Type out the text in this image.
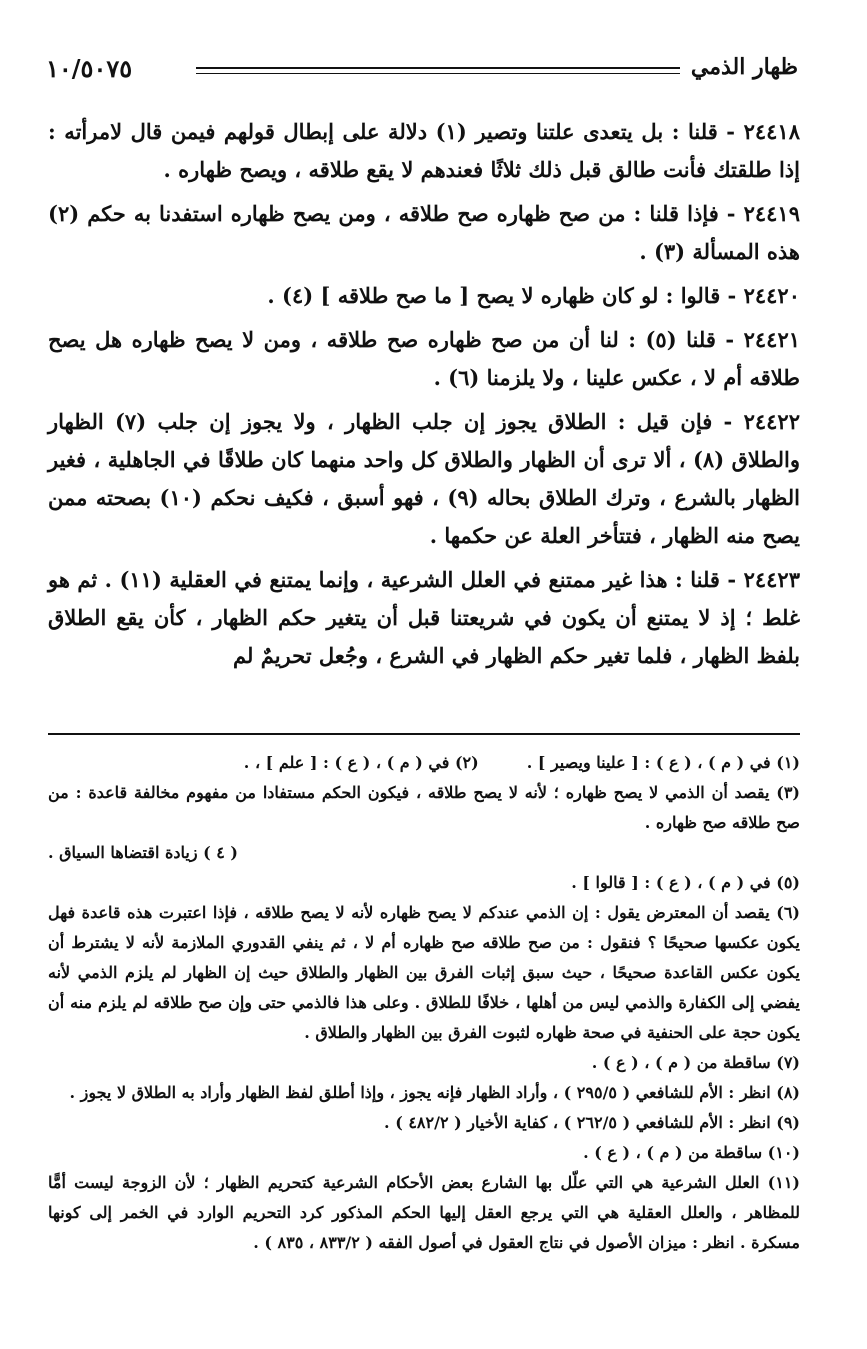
ظهار الذمي
١٠/٥٠٧٥

٢٤٤١٨ - قلنا : بل يتعدى علتنا وتصير (١) دلالة على إبطال قولهم فيمن قال لامرأته : إذا طلقتك فأنت طالق قبل ذلك ثلاثًا فعندهم لا يقع طلاقه ، ويصح ظهاره .

٢٤٤١٩ - فإذا قلنا : من صح ظهاره صح طلاقه ، ومن يصح ظهاره استفدنا به حكم (٢) هذه المسألة (٣) .

٢٤٤٢٠ - قالوا : لو كان ظهاره لا يصح [ ما صح طلاقه ] (٤) .

٢٤٤٢١ - قلنا (٥) : لنا أن من صح ظهاره صح طلاقه ، ومن لا يصح ظهاره هل يصح طلاقه أم لا ، عكس علينا ، ولا يلزمنا (٦) .

٢٤٤٢٢ - فإن قيل : الطلاق يجوز إن جلب الظهار ، ولا يجوز إن جلب (٧) الظهار والطلاق (٨) ، ألا ترى أن الظهار والطلاق كل واحد منهما كان طلاقًا في الجاهلية ، فغير الظهار بالشرع ، وترك الطلاق بحاله (٩) ، فهو أسبق ، فكيف نحكم (١٠) بصحته ممن يصح منه الظهار ، فتتأخر العلة عن حكمها .

٢٤٤٢٣ - قلنا : هذا غير ممتنع في العلل الشرعية ، وإنما يمتنع في العقلية (١١) . ثم هو غلط ؛ إذ لا يمتنع أن يكون في شريعتنا قبل أن يتغير حكم الظهار ، كأن يقع الطلاق بلفظ الظهار ، فلما تغير حكم الظهار في الشرع ، وجُعل تحريمٌ لم

(١) في ( م ) ، ( ع ) : [ علينا ويصير ] .

(٢) في ( م ) ، ( ع ) : [ علم ] ، .

(٣) يقصد أن الذمي لا يصح ظهاره ؛ لأنه لا يصح طلاقه ، فيكون الحكم مستفادا من مفهوم مخالفة قاعدة : من صح طلاقه صح ظهاره .

( ٤ ) زيادة اقتضاها السياق .

(٥) في ( م ) ، ( ع ) : [ قالوا ] .

(٦) يقصد أن المعترض يقول : إن الذمي عندكم لا يصح ظهاره لأنه لا يصح طلاقه ، فإذا اعتبرت هذه قاعدة فهل يكون عكسها صحيحًا ؟ فنقول : من صح طلاقه صح ظهاره أم لا ، ثم ينفي القدوري الملازمة لأنه لا يشترط أن يكون عكس القاعدة صحيحًا ، حيث سبق إثبات الفرق بين الظهار والطلاق حيث إن الظهار لم يلزم الذمي لأنه يفضي إلى الكفارة والذمي ليس من أهلها ، خلافًا للطلاق . وعلى هذا فالذمي حتى وإن صح طلاقه لم يلزم منه أن يكون حجة على الحنفية في صحة ظهاره لثبوت الفرق بين الظهار والطلاق .

(٧) ساقطة من ( م ) ، ( ع ) .

(٨) انظر : الأم للشافعي ( ٢٩٥/٥ ) ، وأراد الظهار فإنه يجوز ، وإذا أطلق لفظ الظهار وأراد به الطلاق لا يجوز .

(٩) انظر : الأم للشافعي ( ٢٦٢/٥ ) ، كفاية الأخيار ( ٤٨٢/٢ ) .

(١٠) ساقطة من ( م ) ، ( ع ) .

(١١) العلل الشرعية هي التي علّل بها الشارع بعض الأحكام الشرعية كتحريم الظهار ؛ لأن الزوجة ليست أمًّا للمظاهر ، والعلل العقلية هي التي يرجع العقل إليها الحكم المذكور كرد التحريم الوارد في الخمر إلى كونها مسكرة . انظر : ميزان الأصول في نتاج العقول في أصول الفقه ( ٨٣٣/٢ ، ٨٣٥ ) .
